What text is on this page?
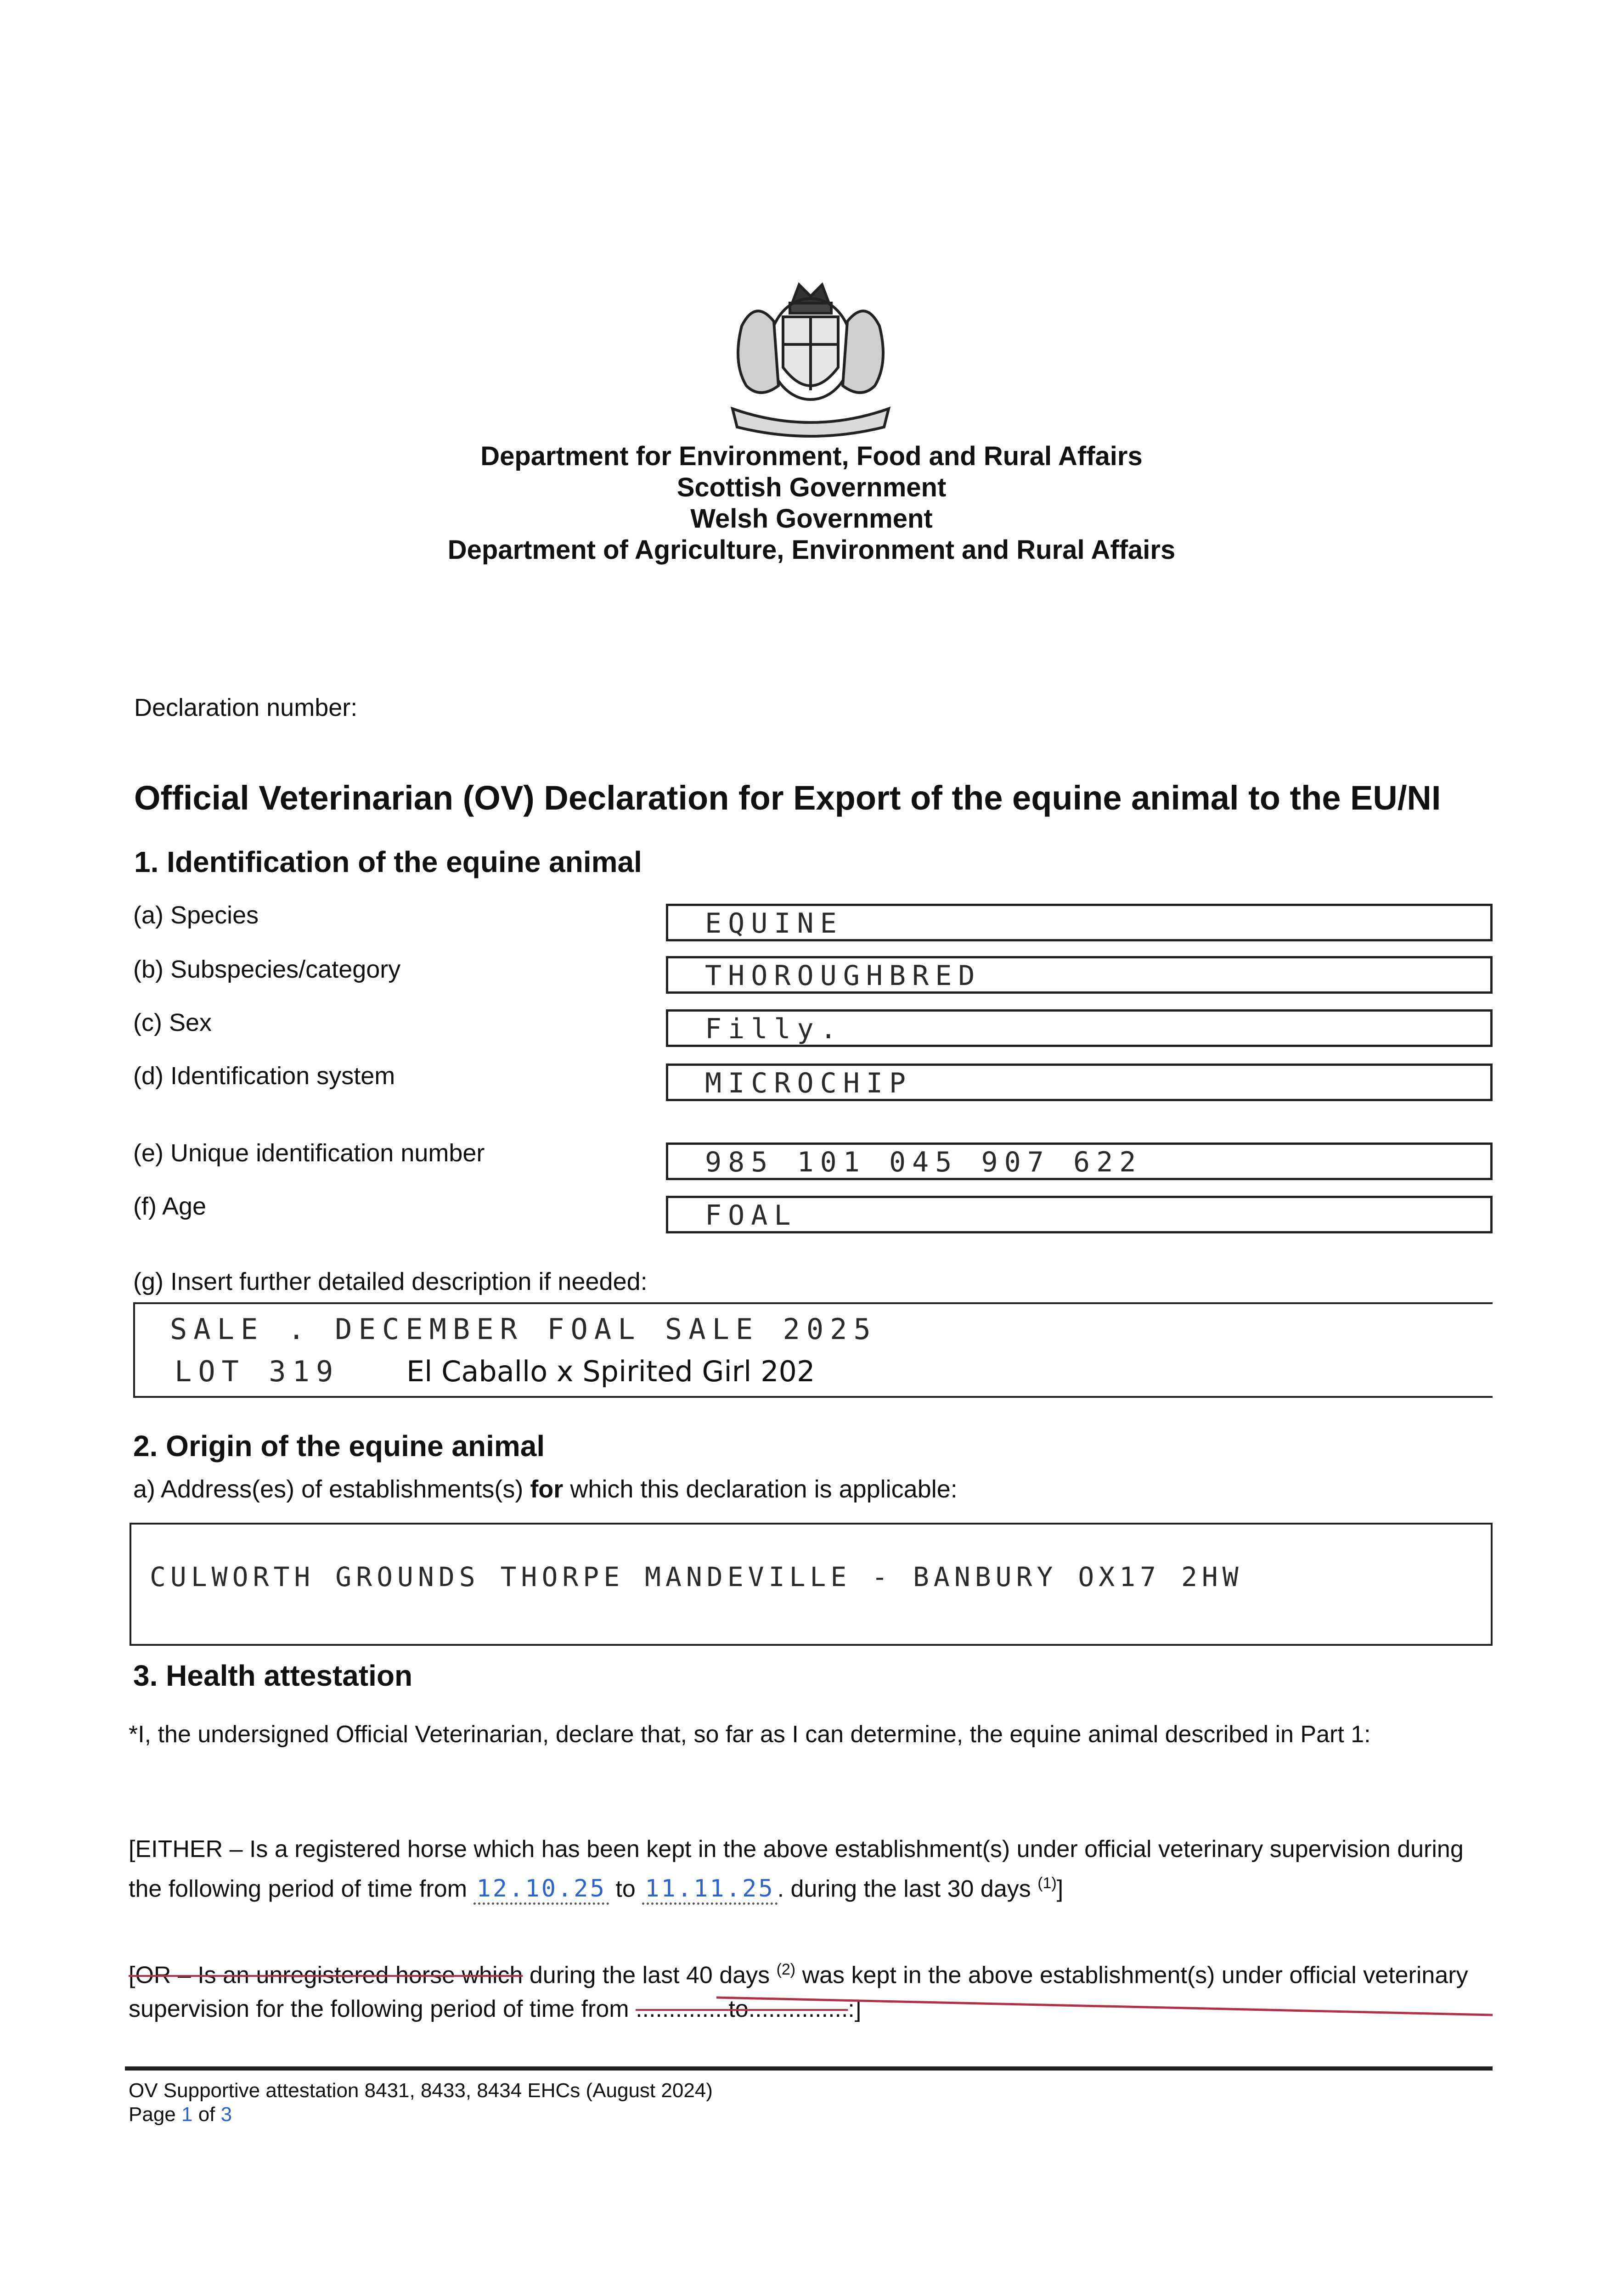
Department for Environment, Food and Rural Affairs
Scottish Government
Welsh Government
Department of Agriculture, Environment and Rural Affairs
Declaration number:
Official Veterinarian (OV) Declaration for Export of the equine animal to the EU/NI
1. Identification of the equine animal
(a) Species	EQUINE
(b) Subspecies/category	THOROUGHBRED
(c) Sex	Filly.
(d) Identification system	MICROCHIP
(e) Unique identification number	985 101 045 907 622
(f) Age	FOAL
(g) Insert further detailed description if needed:
SALE . DECEMBER FOAL SALE 2025
LOT 319 El Caballo x Spirited Girl 202
2. Origin of the equine animal
a) Address(es) of establishments(s) for which this declaration is applicable:
CULWORTH GROUNDS THORPE MANDEVILLE - BANBURY OX17 2HW
3. Health attestation
*I, the undersigned Official Veterinarian, declare that, so far as I can determine, the equine animal described in Part 1:
[EITHER – Is a registered horse which has been kept in the above establishment(s) under official veterinary supervision during the following period of time from 12.10.25 to 11.11.25 . during the last 30 days $^{(1)}$]
[OR – Is an unregistered horse which during the last 40 days $^{(2)}$ was kept in the above establishment(s) under official veterinary supervision for the following period of time from ..............to...............:]
OV Supportive attestation 8431, 8433, 8434 EHCs (August 2024)
Page 1 of 3
